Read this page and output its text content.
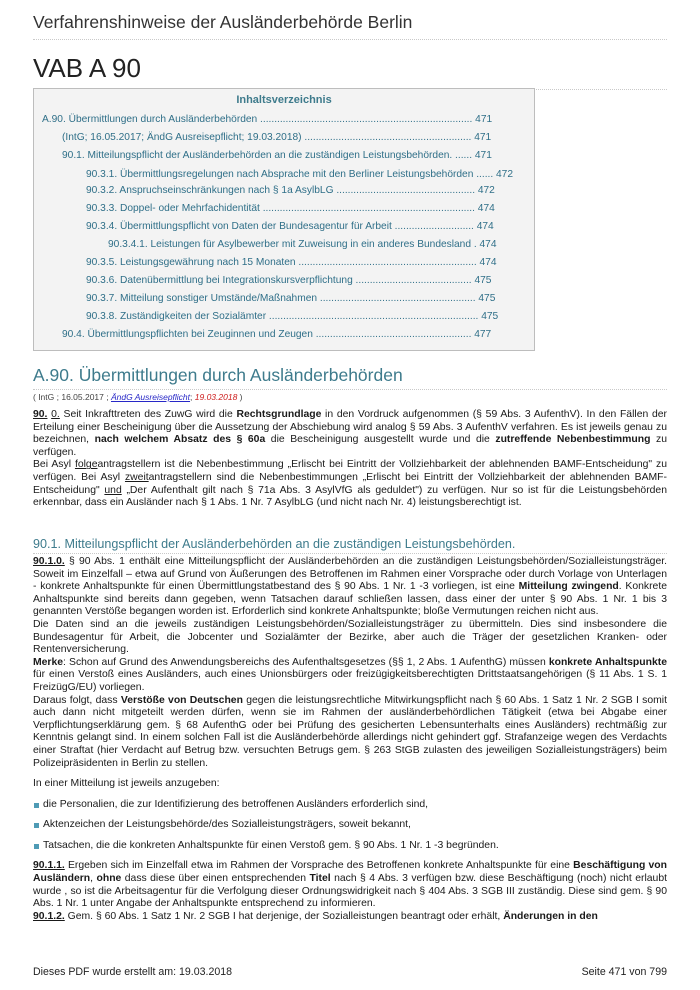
Verfahrenshinweise der Ausländerbehörde Berlin
VAB A 90
Inhaltsverzeichnis
A.90. Übermittlungen durch Ausländerbehörden ........................................................................... 471
(IntG; 16.05.2017; ÄndG Ausreisepflicht; 19.03.2018) ........................................................... 471
90.1. Mitteilungspflicht der Ausländerbehörden an die zuständigen Leistungsbehörden. ...... 471
90.3.1. Übermittlungsregelungen nach Absprache mit den Berliner Leistungsbehörden ...... 472
90.3.2. Anspruchseinschränkungen nach § 1a AsylbLG ................................................. 472
90.3.3. Doppel- oder Mehrfachidentität ........................................................................... 474
90.3.4. Übermittlungspflicht von Daten der Bundesagentur für Arbeit ............................ 474
90.3.4.1. Leistungen für Asylbewerber mit Zuweisung in ein anderes Bundesland . 474
90.3.5. Leistungsgewährung nach 15 Monaten ............................................................... 474
90.3.6. Datenübermittlung bei Integrationskursverpflichtung ......................................... 475
90.3.7. Mitteilung sonstiger Umstände/Maßnahmen ....................................................... 475
90.3.8. Zuständigkeiten der Sozialämter .......................................................................... 475
90.4. Übermittlungspflichten bei Zeuginnen und Zeugen ....................................................... 477
A.90. Übermittlungen durch Ausländerbehörden
( IntG ; 16.05.2017 ; ÄndG Ausreisepflicht; 19.03.2018 )

90. 0. Seit Inkrafttreten des ZuwG wird die Rechtsgrundlage in den Vordruck aufgenommen (§ 59 Abs. 3 AufenthV). In den Fällen der Erteilung einer Bescheinigung über die Aussetzung der Abschiebung wird analog § 59 Abs. 3 AufenthV verfahren. Es ist jeweils genau zu bezeichnen, nach welchem Absatz des § 60a die Bescheinigung ausgestellt wurde und die zutreffende Nebenbestimmung zu verfügen.

Bei Asyl folgeantragstellern ist die Nebenbestimmung „Erlischt bei Eintritt der Vollziehbarkeit der ablehnenden BAMF-Entscheidung" zu verfügen. Bei Asyl zweitantragstellern sind die Nebenbestimmungen „Erlischt bei Eintritt der Vollziehbarkeit der ablehnenden BAMF-Entscheidung" und „Der Aufenthalt gilt nach § 71a Abs. 3 AsylVfG als geduldet") zu verfügen. Nur so ist für die Leistungsbehörden erkennbar, dass ein Ausländer nach § 1 Abs. 1 Nr. 7 AsylbLG (und nicht nach Nr. 4) leistungsberechtigt ist.

90.1. Mitteilungspflicht der Ausländerbehörden an die zuständigen Leistungsbehörden.

90.1.0. § 90 Abs. 1 enthält eine Mitteilungspflicht der Ausländerbehörden an die zuständigen Leistungsbehörden/Sozialleistungsträger. Soweit im Einzelfall – etwa auf Grund von Äußerungen des Betroffenen im Rahmen einer Vorsprache oder durch Vorlage von Unterlagen - konkrete Anhaltspunkte für einen Übermittlungstatbestand des § 90 Abs. 1 Nr. 1 -3 vorliegen, ist eine Mitteilung zwingend. Konkrete Anhaltspunkte sind bereits dann gegeben, wenn Tatsachen darauf schließen lassen, dass einer der unter § 90 Abs. 1 Nr. 1 bis 3 genannten Verstöße begangen worden ist. Erforderlich sind konkrete Anhaltspunkte; bloße Vermutungen reichen nicht aus.

Die Daten sind an die jeweils zuständigen Leistungsbehörden/Sozialleistungsträger zu übermitteln. Dies sind insbesondere die Bundesagentur für Arbeit, die Jobcenter und Sozialämter der Bezirke, aber auch die Träger der gesetzlichen Kranken- oder Rentenversicherung.

Merke: Schon auf Grund des Anwendungsbereichs des Aufenthaltsgesetzes (§§ 1, 2 Abs. 1 AufenthG) müssen konkrete Anhaltspunkte für einen Verstoß eines Ausländers, auch eines Unionsbürgers oder freizügigkeitsberechtigten Drittstaatsangehörigen (§ 11 Abs. 1 S. 1 FreizügG/EU) vorliegen.

Daraus folgt, dass Verstöße von Deutschen gegen die leistungsrechtliche Mitwirkungspflicht nach § 60 Abs. 1 Satz 1 Nr. 2 SGB I somit auch dann nicht mitgeteilt werden dürfen, wenn sie im Rahmen der ausländerbehördlichen Tätigkeit (etwa bei Abgabe einer Verpflichtungserklärung gem. § 68 AufenthG oder bei Prüfung des gesicherten Lebensunterhalts eines Ausländers) rechtmäßig zur Kenntnis gelangt sind. In einem solchen Fall ist die Ausländerbehörde allerdings nicht gehindert ggf. Strafanzeige wegen des Verdachts einer Straftat (hier Verdacht auf Betrug bzw. versuchten Betrugs gem. § 263 StGB zulasten des jeweiligen Sozialleistungsträgers) beim Polizeipräsidenten in Berlin zu stellen.

In einer Mitteilung ist jeweils anzugeben:

die Personalien, die zur Identifizierung des betroffenen Ausländers erforderlich sind,

Aktenzeichen der Leistungsbehörde/des Sozialleistungsträgers, soweit bekannt,

Tatsachen, die die konkreten Anhaltspunkte für einen Verstoß gem. § 90 Abs. 1 Nr. 1 -3 begründen.

90.1.1. Ergeben sich im Einzelfall etwa im Rahmen der Vorsprache des Betroffenen konkrete Anhaltspunkte für eine Beschäftigung von Ausländern, ohne dass diese über einen entsprechenden Titel nach § 4 Abs. 3 verfügen bzw. diese Beschäftigung (noch) nicht erlaubt wurde , so ist die Arbeitsagentur für die Verfolgung dieser Ordnungswidrigkeit nach § 404 Abs. 3 SGB III zuständig. Diese sind gem. § 90 Abs. 1 Nr. 1 unter Angabe der Anhaltspunkte entsprechend zu informieren.

90.1.2. Gem. § 60 Abs. 1 Satz 1 Nr. 2 SGB I hat derjenige, der Sozialleistungen beantragt oder erhält, Änderungen in den

Dieses PDF wurde erstellt am: 19.03.2018	Seite 471 von 799
